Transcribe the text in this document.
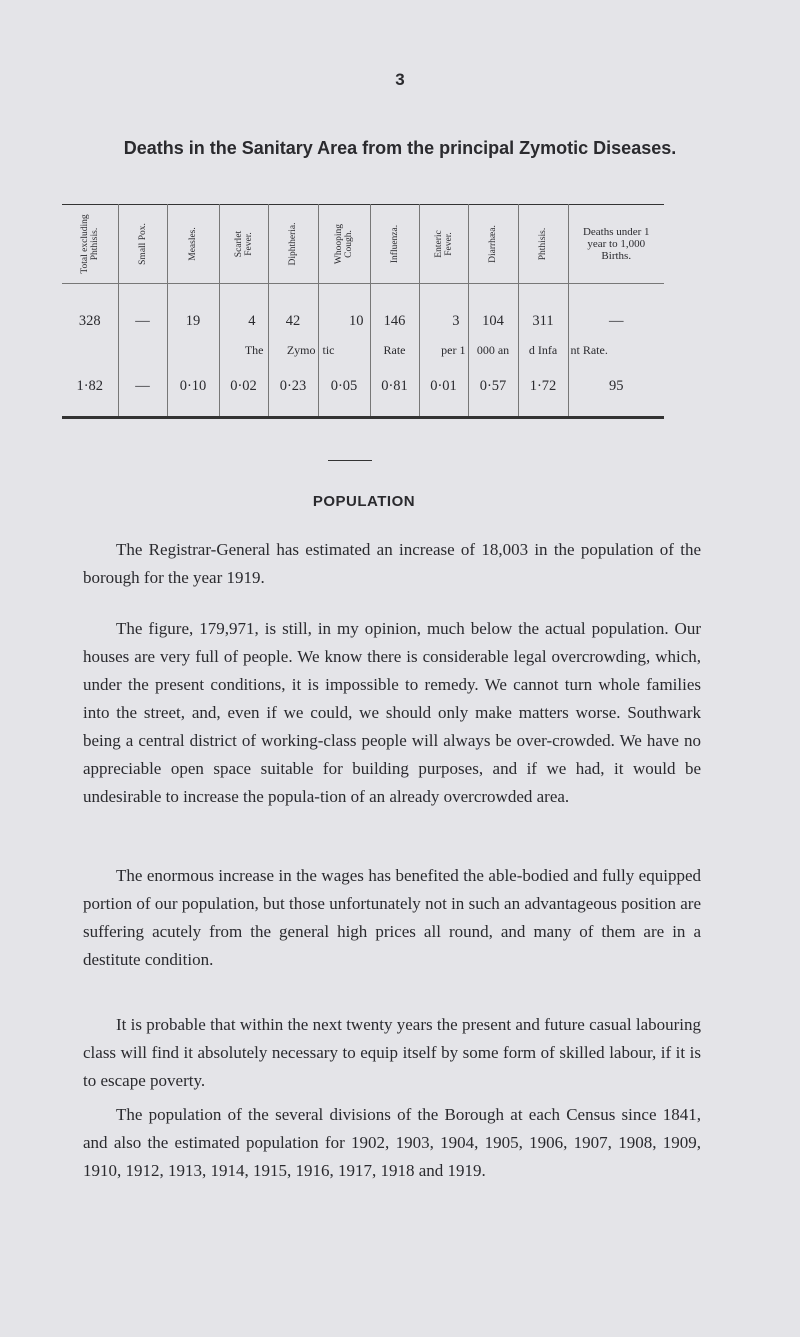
3
Deaths in the Sanitary Area from the principal Zymotic Diseases.
Total excluding Phthisis.	Small Pox.	Measles.	Scarlet Fever.	Diphtheria.	Whooping Cough.	Influenza.	Enteric Fever.	Diarrhæa.	Phthisis.	Deaths under 1 year to 1,000 Births.

328	—	19	4	42	10	146	3	104	311	—
			The	Zymo	tic	Rate	per 1	000 an	d Infa	nt Rate.
1·82	—	0·10	0·02	0·23	0·05	0·81	0·01	0·57	1·72	95
POPULATION

The Registrar-General has estimated an increase of 18,003 in the population of the borough for the year 1919.

The figure, 179,971, is still, in my opinion, much below the actual population. Our houses are very full of people. We know there is considerable legal overcrowding, which, under the present conditions, it is impossible to remedy. We cannot turn whole families into the street, and, even if we could, we should only make matters worse. Southwark being a central district of working-class people will always be over-crowded. We have no appreciable open space suitable for building purposes, and if we had, it would be undesirable to increase the popula-tion of an already overcrowded area.

The enormous increase in the wages has benefited the able-bodied and fully equipped portion of our population, but those unfortunately not in such an advantageous position are suffering acutely from the general high prices all round, and many of them are in a destitute condition.

It is probable that within the next twenty years the present and future casual labouring class will find it absolutely necessary to equip itself by some form of skilled labour, if it is to escape poverty.

The population of the several divisions of the Borough at each Census since 1841, and also the estimated population for 1902, 1903, 1904, 1905, 1906, 1907, 1908, 1909, 1910, 1912, 1913, 1914, 1915, 1916, 1917, 1918 and 1919.
